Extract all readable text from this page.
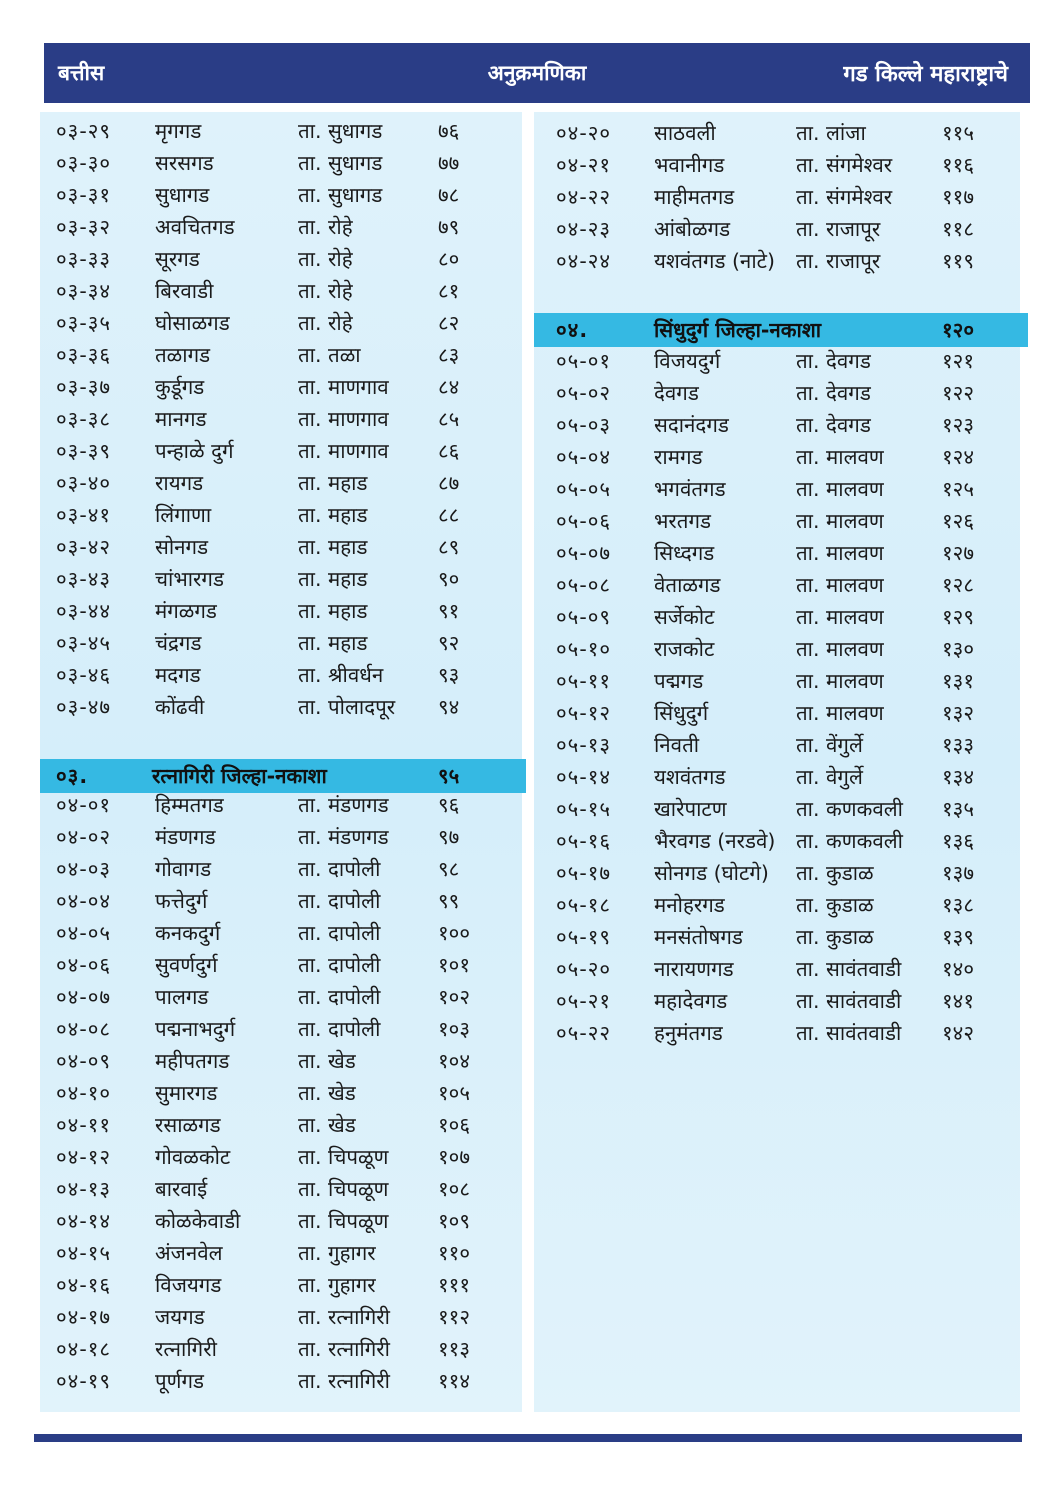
बत्तीस	अनुक्रमणिका	गड किल्ले महाराष्ट्राचे
०३-२९ मृगगड	ता. सुधागड	७६
०३-३० सरसगड	ता. सुधागड	७७
०३-३१ सुधागड	ता. सुधागड	७८
०३-३२ अवचितगड	ता. रोहे	७९
०३-३३ सूरगड	ता. रोहे	८०
०३-३४ बिरवाडी	ता. रोहे	८१
०३-३५ घोसाळगड	ता. रोहे	८२
०३-३६ तळागड	ता. तळा	८३
०३-३७ कुर्डूगड	ता. माणगाव ८४
०३-३८ मानगड	ता. माणगाव ८५
०३-३९ पन्हाळे दुर्ग	ता. माणगाव ८६
०३-४० रायगड	ता. महाड	८७
०३-४१ लिंगाणा	ता. महाड	८८
०३-४२ सोनगड	ता. महाड	८९
०३-४३ चांभारगड	ता. महाड	९०
०३-४४ मंगळगड	ता. महाड	९१
०३-४५ चंद्रगड	ता. महाड	९२
०३-४६ मदगड	ता. श्रीवर्धन	९३
०३-४७ कोंढवी	ता. पोलादपूर ९४
०३.	रत्नागिरी जिल्हा-नकाशा	९५
०४-०१ हिम्मतगड	ता. मंडणगड ९६
०४-०२ मंडणगड	ता. मंडणगड ९७
०४-०३ गोवागड	ता. दापोली	९८
०४-०४ फत्तेदुर्ग	ता. दापोली	९९
०४-०५ कनकदुर्ग	ता. दापोली	१००
०४-०६ सुवर्णदुर्ग	ता. दापोली	१०१
०४-०७ पालगड	ता. दापोली	१०२
०४-०८ पद्मनाभदुर्ग	ता. दापोली	१०३
०४-०९ महीपतगड	ता. खेड	१०४
०४-१० सुमारगड	ता. खेड	१०५
०४-११ रसाळगड	ता. खेड	१०६
०४-१२ गोवळकोट	ता. चिपळूण १०७
०४-१३ बारवाई	ता. चिपळूण १०८
०४-१४ कोळकेवाडी	ता. चिपळूण १०९
०४-१५ अंजनवेल	ता. गुहागर	११०
०४-१६ विजयगड	ता. गुहागर	१११
०४-१७ जयगड	ता. रत्नागिरी ११२
०४-१८ रत्नागिरी	ता. रत्नागिरी ११३
०४-१९ पूर्णगड	ता. रत्नागिरी ११४
०४-२० साठवली	ता. लांजा	११५
०४-२१ भवानीगड	ता. संगमेश्वर ११६
०४-२२ माहीमतगड	ता. संगमेश्वर ११७
०४-२३ आंबोळगड	ता. राजापूर	११८
०४-२४ यशवंतगड (नाटे) ता. राजापूर	११९
०४.	सिंधुदुर्ग जिल्हा-नकाशा	१२०
०५-०१ विजयदुर्ग	ता. देवगड	१२१
०५-०२ देवगड	ता. देवगड	१२२
०५-०३ सदानंदगड	ता. देवगड	१२३
०५-०४ रामगड	ता. मालवण	१२४
०५-०५ भगवंतगड	ता. मालवण	१२५
०५-०६ भरतगड	ता. मालवण	१२६
०५-०७ सिध्दगड	ता. मालवण	१२७
०५-०८ वेताळगड	ता. मालवण	१२८
०५-०९ सर्जेकोट	ता. मालवण	१२९
०५-१० राजकोट	ता. मालवण	१३०
०५-११ पद्मगड	ता. मालवण	१३१
०५-१२ सिंधुदुर्ग	ता. मालवण	१३२
०५-१३ निवती	ता. वेंगुर्ले	१३३
०५-१४ यशवंतगड	ता. वेगुर्ले	१३४
०५-१५ खारेपाटण	ता. कणकवली १३५
०५-१६ भैरवगड (नरडवे) ता. कणकवली १३६
०५-१७ सोनगड (घोटगे) ता. कुडाळ	१३७
०५-१८ मनोहरगड	ता. कुडाळ	१३८
०५-१९ मनसंतोषगड	ता. कुडाळ	१३९
०५-२० नारायणगड	ता. सावंतवाडी १४०
०५-२१ महादेवगड	ता. सावंतवाडी १४१
०५-२२ हनुमंतगड	ता. सावंतवाडी १४२
